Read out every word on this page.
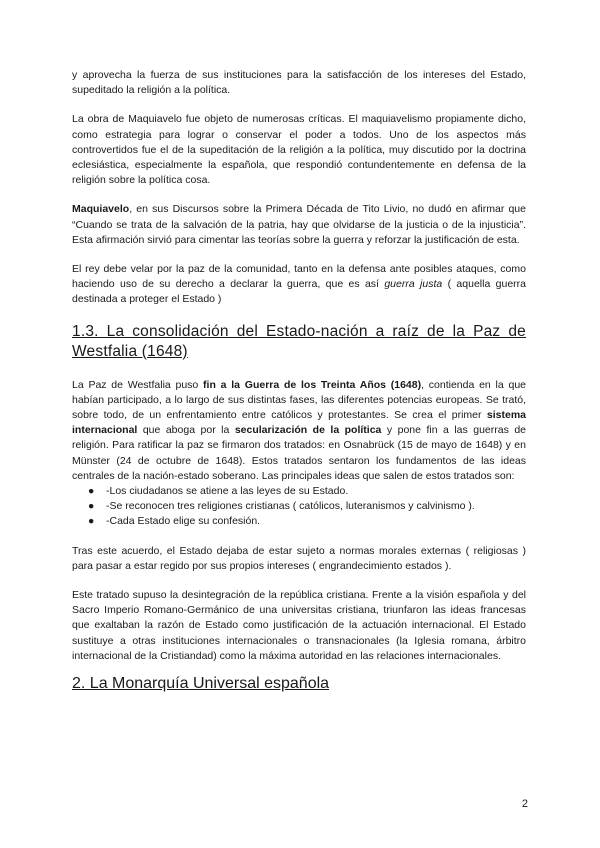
y aprovecha la fuerza de sus instituciones para la satisfacción de los intereses del Estado, supeditado la religión a la política.

La obra de Maquiavelo fue objeto de numerosas críticas. El maquiavelismo propiamente dicho, como estrategia para lograr o conservar el poder a todos. Uno de los aspectos más controvertidos fue el de la supeditación de la religión a la política, muy discutido por la doctrina eclesiástica, especialmente la española, que respondió contundentemente en defensa de la religión sobre la política cosa.

Maquiavelo, en sus Discursos sobre la Primera Década de Tito Livio, no dudó en afirmar que “Cuando se trata de la salvación de la patria, hay que olvidarse de la justicia o de la injusticia”. Esta afirmación sirvió para cimentar las teorías sobre la guerra y reforzar la justificación de esta.

El rey debe velar por la paz de la comunidad, tanto en la defensa ante posibles ataques, como haciendo uso de su derecho a declarar la guerra, que es así guerra justa ( aquella guerra destinada a proteger el Estado )

1.3. La consolidación del Estado-nación a raíz de la Paz de Westfalia (1648)

La Paz de Westfalia puso fin a la Guerra de los Treinta Años (1648), contienda en la que habían participado, a lo largo de sus distintas fases, las diferentes potencias europeas. Se trató, sobre todo, de un enfrentamiento entre católicos y protestantes. Se crea el primer sistema internacional que aboga por la secularización de la política y pone fin a las guerras de religión. Para ratificar la paz se firmaron dos tratados: en Osnabrück (15 de mayo de 1648) y en Münster (24 de octubre de 1648). Estos tratados sentaron los fundamentos de las ideas centrales de la nación-estado soberano. Las principales ideas que salen de estos tratados son:

● -Los ciudadanos se atiene a las leyes de su Estado.
● -Se reconocen tres religiones cristianas ( católicos, luteranismos y calvinismo ).
● -Cada Estado elige su confesión.

Tras este acuerdo, el Estado dejaba de estar sujeto a normas morales externas ( religiosas ) para pasar a estar regido por sus propios intereses ( engrandecimiento estados ).

Este tratado supuso la desintegración de la república cristiana. Frente a la visión española y del Sacro Imperio Romano-Germánico de una universitas cristiana, triunfaron las ideas francesas que exaltaban la razón de Estado como justificación de la actuación internacional. El Estado sustituye a otras instituciones internacionales o transnacionales (la Iglesia romana, árbitro internacional de la Cristiandad) como la máxima autoridad en las relaciones internacionales.

2. La Monarquía Universal española
2
